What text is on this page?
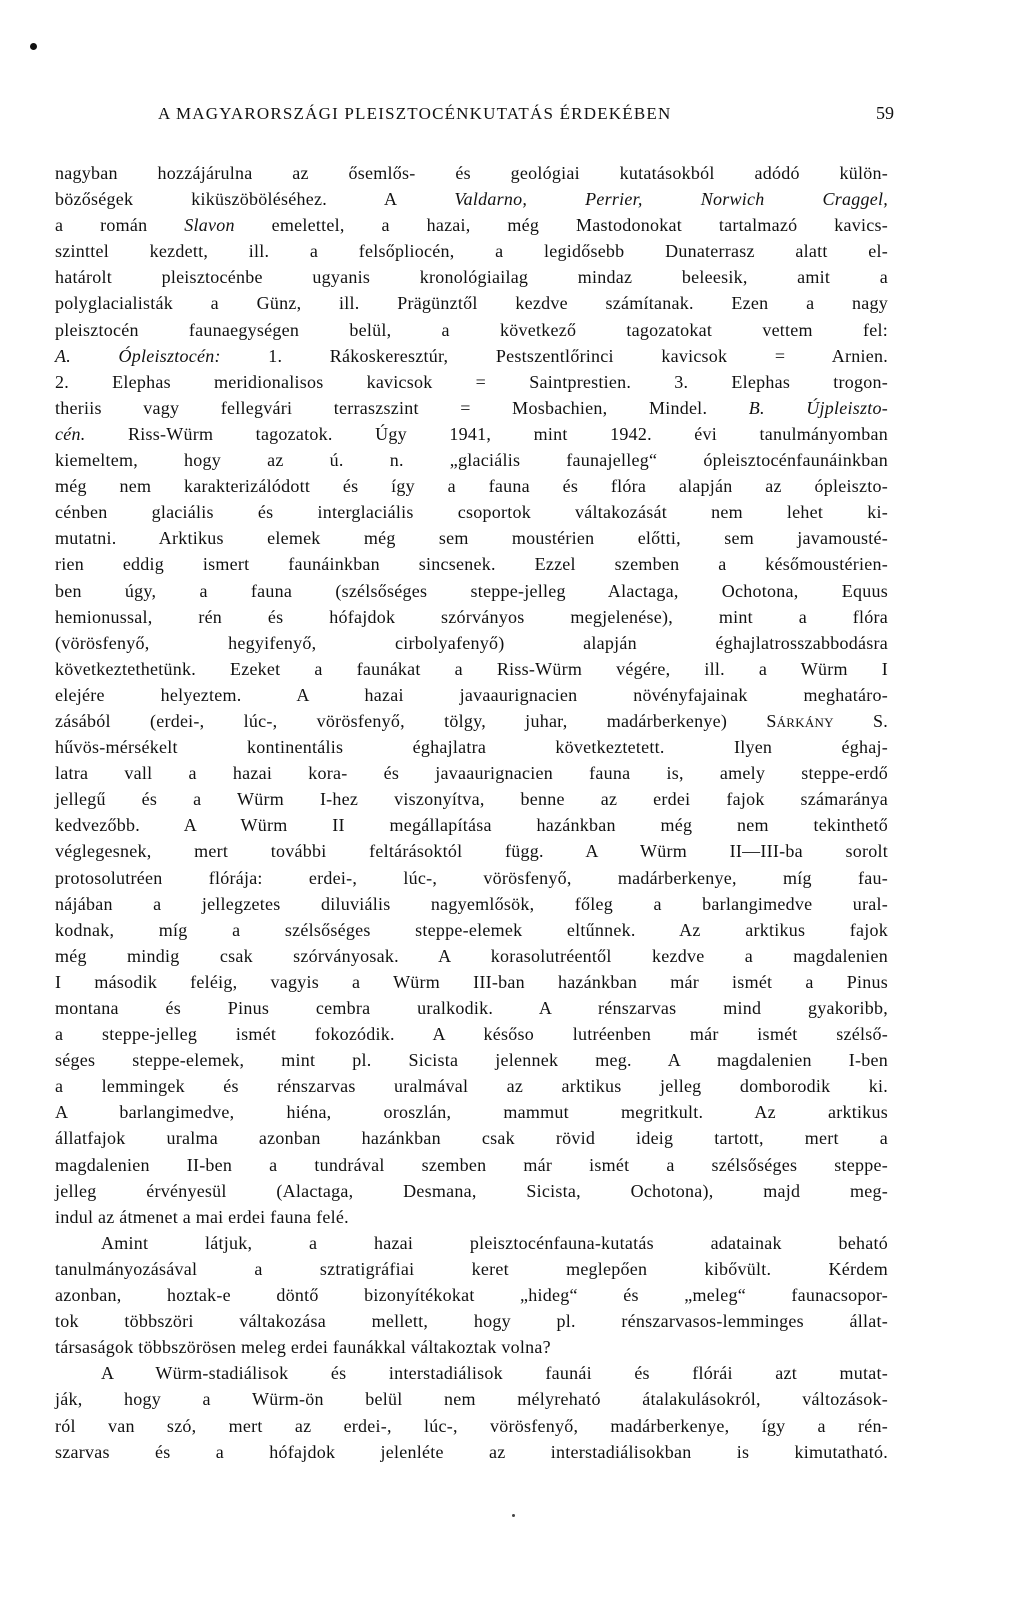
A MAGYARORSZÁGI PLEISZTOCÉNKUTATÁS ÉRDEKÉBEN	59

nagyban hozzájárulna az ősemlős- és geológiai kutatásokból adódó külön-

bözőségek kiküszöböléséhez. A Valdarno, Perrier, Norwich Craggel,

a román Slavon emelettel, a hazai, még Mastodonokat tartalmazó kavics-

szinttel kezdett, ill. a felsőpliocén, a legidősebb Dunaterrasz alatt el-

határolt pleisztocénbe ugyanis kronológiailag mindaz beleesik, amit a

polyglacialisták a Günz, ill. Prägünztől kezdve számítanak. Ezen a nagy

pleisztocén faunaegységen belül, a következő tagozatokat vettem fel:

A. Ópleisztocén: 1. Rákoskeresztúr, Pestszentlőrinci kavicsok = Arnien.

2. Elephas meridionalisos kavicsok = Saintprestien. 3. Elephas trogon-

theriis vagy fellegvári terraszszint = Mosbachien, Mindel. B. Újpleiszto-

cén. Riss-Würm tagozatok. Úgy 1941, mint 1942. évi tanulmányomban

kiemeltem, hogy az ú. n. „glaciális faunajelleg“ ópleisztocénfaunáinkban

még nem karakterizálódott és így a fauna és flóra alapján az ópleiszto-

cénben glaciális és interglaciális csoportok váltakozását nem lehet ki-

mutatni. Arktikus elemek még sem moustérien előtti, sem javamousté-

rien eddig ismert faunáinkban sincsenek. Ezzel szemben a későmoustérien-

ben úgy, a fauna (szélsőséges steppe-jelleg Alactaga, Ochotona, Equus

hemionussal, rén és hófajdok szórványos megjelenése), mint a flóra

(vörösfenyő, hegyifenyő, cirbolyafenyő) alapján éghajlatrosszabbodásra

következtethetünk. Ezeket a faunákat a Riss-Würm végére, ill. a Würm I

elejére helyeztem. A hazai javaaurignacien növényfajainak meghatáro-

zásából (erdei-, lúc-, vörösfenyő, tölgy, juhar, madárberkenye) Sárkány S.

hűvös-mérsékelt kontinentális éghajlatra következtetett. Ilyen éghaj-

latra vall a hazai kora- és javaaurignacien fauna is, amely steppe-erdő

jellegű és a Würm I-hez viszonyítva, benne az erdei fajok számaránya

kedvezőbb. A Würm II megállapítása hazánkban még nem tekinthető

véglegesnek, mert további feltárásoktól függ. A Würm II—III-ba sorolt

protosolutréen flórája: erdei-, lúc-, vörösfenyő, madárberkenye, míg fau-

nájában a jellegzetes diluviális nagyemlősök, főleg a barlangimedve ural-

kodnak, míg a szélsőséges steppe-elemek eltűnnek. Az arktikus fajok

még mindig csak szórványosak. A korasolutréentől kezdve a magdalenien

I második feléig, vagyis a Würm III-ban hazánkban már ismét a Pinus

montana és Pinus cembra uralkodik. A rénszarvas mind gyakoribb,

a steppe-jelleg ismét fokozódik. A későso lutréenben már ismét szélső-

séges steppe-elemek, mint pl. Sicista jelennek meg. A magdalenien I-ben

a lemmingek és rénszarvas uralmával az arktikus jelleg domborodik ki.

A barlangimedve, hiéna, oroszlán, mammut megritkult. Az arktikus

állatfajok uralma azonban hazánkban csak rövid ideig tartott, mert a

magdalenien II-ben a tundrával szemben már ismét a szélsőséges steppe-

jelleg érvényesül (Alactaga, Desmana, Sicista, Ochotona), majd meg-

indul az átmenet a mai erdei fauna felé.

Amint látjuk, a hazai pleisztocénfauna-kutatás adatainak beható

tanulmányozásával a sztratigráfiai keret meglepően kibővült. Kérdem

azonban, hoztak-e döntő bizonyítékokat „hideg“ és „meleg“ faunacsopor-

tok többszöri váltakozása mellett, hogy pl. rénszarvasos-lemminges állat-

társaságok többszörösen meleg erdei faunákkal váltakoztak volna?

A Würm-stadiálisok és interstadiálisok faunái és flórái azt mutat-

ják, hogy a Würm-ön belül nem mélyreható átalakulásokról, változások-

ról van szó, mert az erdei-, lúc-, vörösfenyő, madárberkenye, így a rén-

szarvas és a hófajdok jelenléte az interstadiálisokban is kimutatható.
